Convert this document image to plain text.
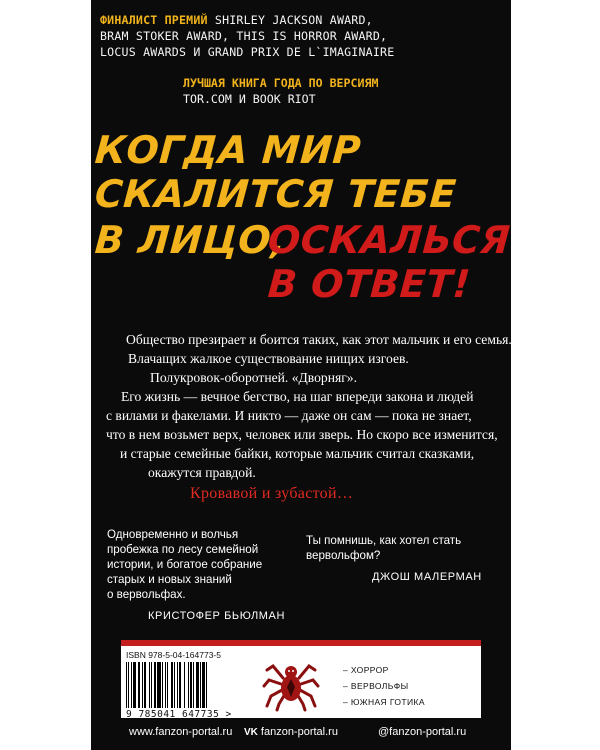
ФИНАЛИСТ ПРЕМИЙ SHIRLEY JACKSON AWARD,
BRAM STOKER AWARD, THIS IS HORROR AWARD,
LOCUS AWARDS И GRAND PRIX DE L`IMAGINAIRE
ЛУЧШАЯ КНИГА ГОДА ПО ВЕРСИЯМ
TOR.COM И BOOK RIOT
КОГДА МИР
СКАЛИТСЯ ТЕБЕ
В ЛИЦО,
ОСКАЛЬСЯ
В ОТВЕТ!
Общество презирает и боится таких, как этот мальчик и его семья.
Влачащих жалкое существование нищих изгоев.
Полукровок-оборотней. «Дворняг».
Его жизнь — вечное бегство, на шаг впереди закона и людей
с вилами и факелами. И никто — даже он сам — пока не знает,
что в нем возьмет верх, человек или зверь. Но скоро все изменится,
и старые семейные байки, которые мальчик считал сказками,
окажутся правдой.
Кровавой и зубастой…
Одновременно и волчья
пробежка по лесу семейной
истории, и богатое собрание
старых и новых знаний
о вервольфах.
КРИСТОФЕР БЬЮЛМАН
Ты помнишь, как хотел стать
вервольфом?
ДЖОШ МАЛЕРМАН
ISBN 978-5-04-164773-5
9 785041 647735 >
– ХОРРОР
– ВЕРВОЛЬФЫ
– ЮЖНАЯ ГОТИКА
www.fanzon-portal.ru VK fanzon-portal.ru	@fanzon-portal.ru
